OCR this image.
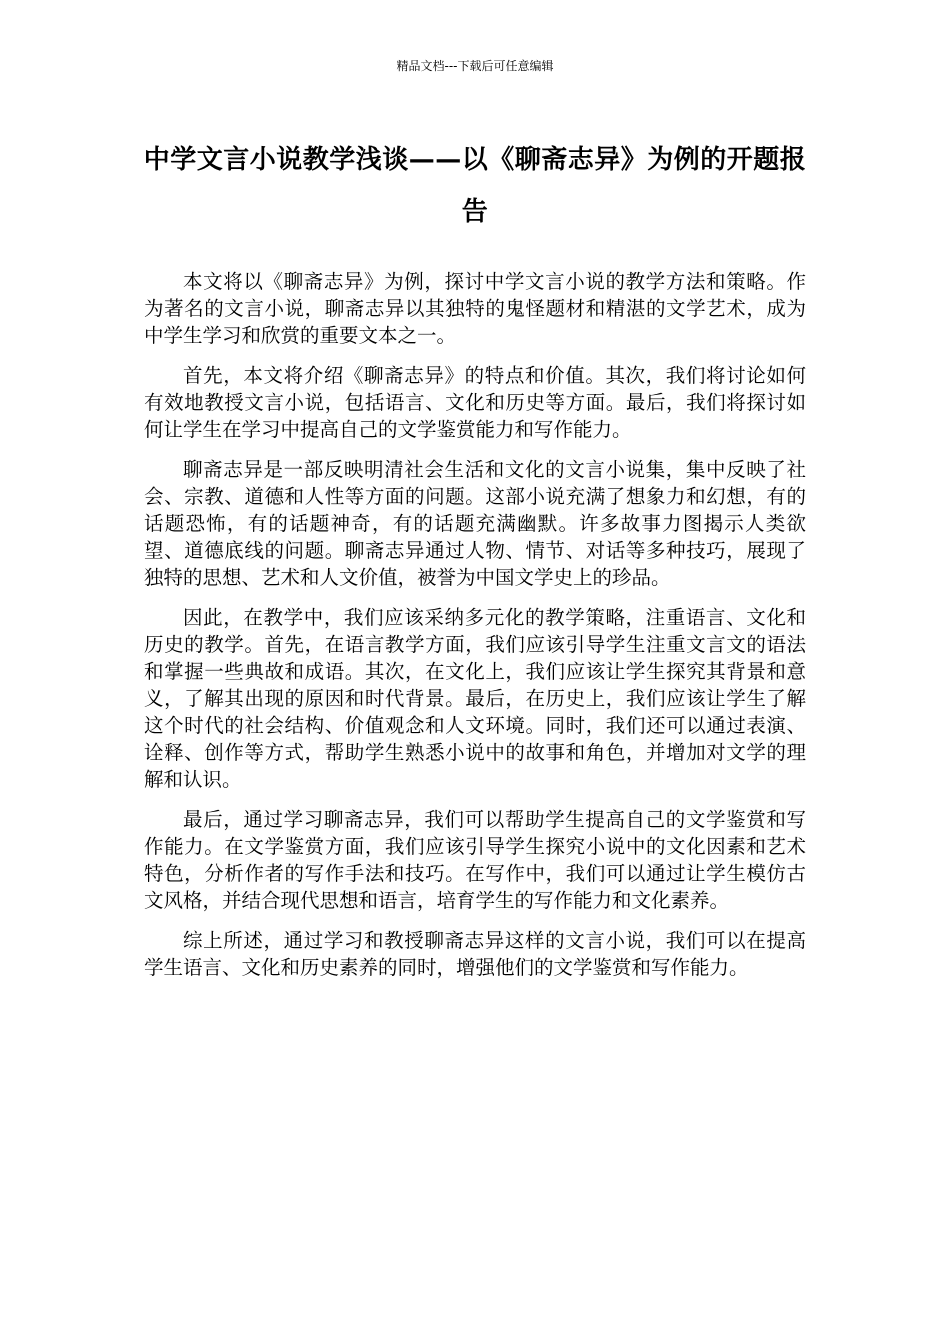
精品文档---下载后可任意编辑
中学文言小说教学浅谈——以《聊斋志异》为例的开题报告

本文将以《聊斋志异》为例，探讨中学文言小说的教学方法和策略。作为著名的文言小说，聊斋志异以其独特的鬼怪题材和精湛的文学艺术，成为中学生学习和欣赏的重要文本之一。

首先，本文将介绍《聊斋志异》的特点和价值。其次，我们将讨论如何有效地教授文言小说，包括语言、文化和历史等方面。最后，我们将探讨如何让学生在学习中提高自己的文学鉴赏能力和写作能力。

聊斋志异是一部反映明清社会生活和文化的文言小说集，集中反映了社会、宗教、道德和人性等方面的问题。这部小说充满了想象力和幻想，有的话题恐怖，有的话题神奇，有的话题充满幽默。许多故事力图揭示人类欲望、道德底线的问题。聊斋志异通过人物、情节、对话等多种技巧，展现了独特的思想、艺术和人文价值，被誉为中国文学史上的珍品。

因此，在教学中，我们应该采纳多元化的教学策略，注重语言、文化和历史的教学。首先，在语言教学方面，我们应该引导学生注重文言文的语法和掌握一些典故和成语。其次，在文化上，我们应该让学生探究其背景和意义，了解其出现的原因和时代背景。最后，在历史上，我们应该让学生了解这个时代的社会结构、价值观念和人文环境。同时，我们还可以通过表演、诠释、创作等方式，帮助学生熟悉小说中的故事和角色，并增加对文学的理解和认识。

最后，通过学习聊斋志异，我们可以帮助学生提高自己的文学鉴赏和写作能力。在文学鉴赏方面，我们应该引导学生探究小说中的文化因素和艺术特色，分析作者的写作手法和技巧。在写作中，我们可以通过让学生模仿古文风格，并结合现代思想和语言，培育学生的写作能力和文化素养。

综上所述，通过学习和教授聊斋志异这样的文言小说，我们可以在提高学生语言、文化和历史素养的同时，增强他们的文学鉴赏和写作能力。
